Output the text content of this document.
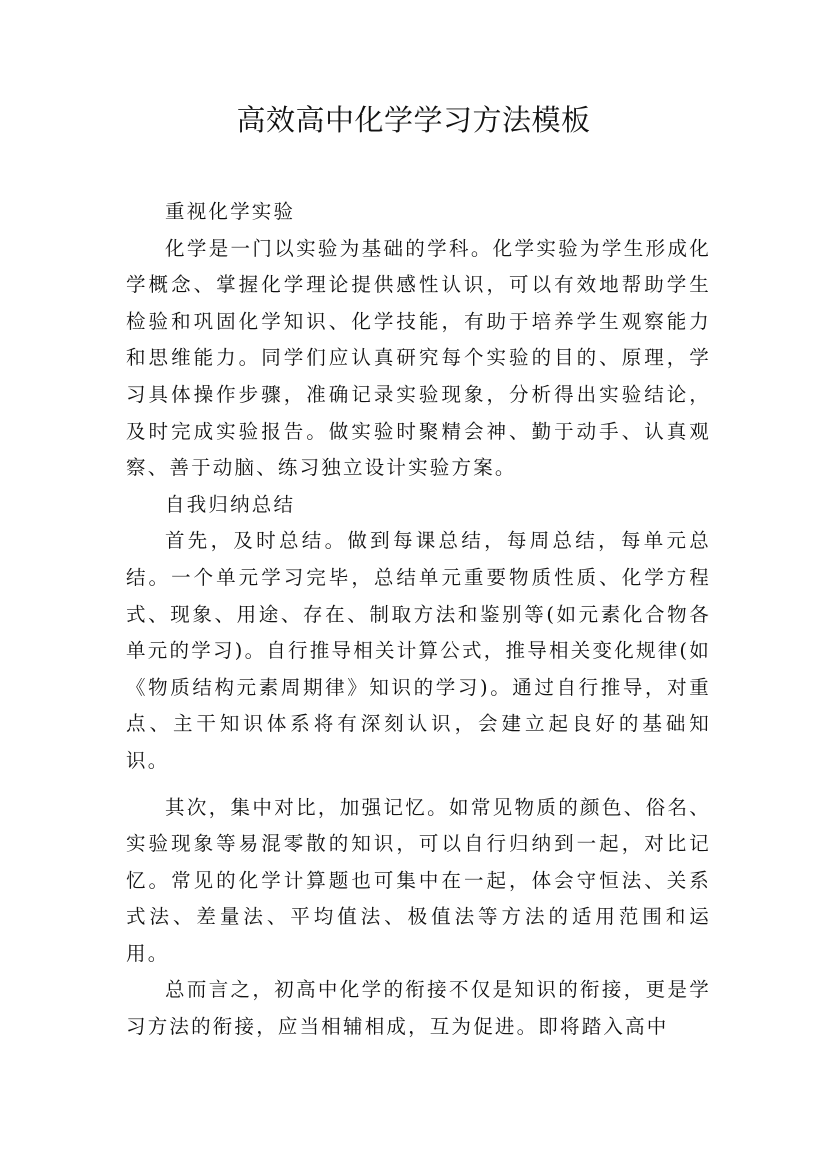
高效高中化学学习方法模板

重视化学实验

化学是一门以实验为基础的学科。化学实验为学生形成化学概念、掌握化学理论提供感性认识，可以有效地帮助学生检验和巩固化学知识、化学技能，有助于培养学生观察能力和思维能力。同学们应认真研究每个实验的目的、原理，学习具体操作步骤，准确记录实验现象，分析得出实验结论，及时完成实验报告。做实验时聚精会神、勤于动手、认真观察、善于动脑、练习独立设计实验方案。

自我归纳总结

首先，及时总结。做到每课总结，每周总结，每单元总结。一个单元学习完毕，总结单元重要物质性质、化学方程式、现象、用途、存在、制取方法和鉴别等(如元素化合物各单元的学习)。自行推导相关计算公式，推导相关变化规律(如《物质结构元素周期律》知识的学习)。通过自行推导，对重点、主干知识体系将有深刻认识，会建立起良好的基础知识。

其次，集中对比，加强记忆。如常见物质的颜色、俗名、实验现象等易混零散的知识，可以自行归纳到一起，对比记忆。常见的化学计算题也可集中在一起，体会守恒法、关系式法、差量法、平均值法、极值法等方法的适用范围和运用。

总而言之，初高中化学的衔接不仅是知识的衔接，更是学习方法的衔接，应当相辅相成，互为促进。即将踏入高中
